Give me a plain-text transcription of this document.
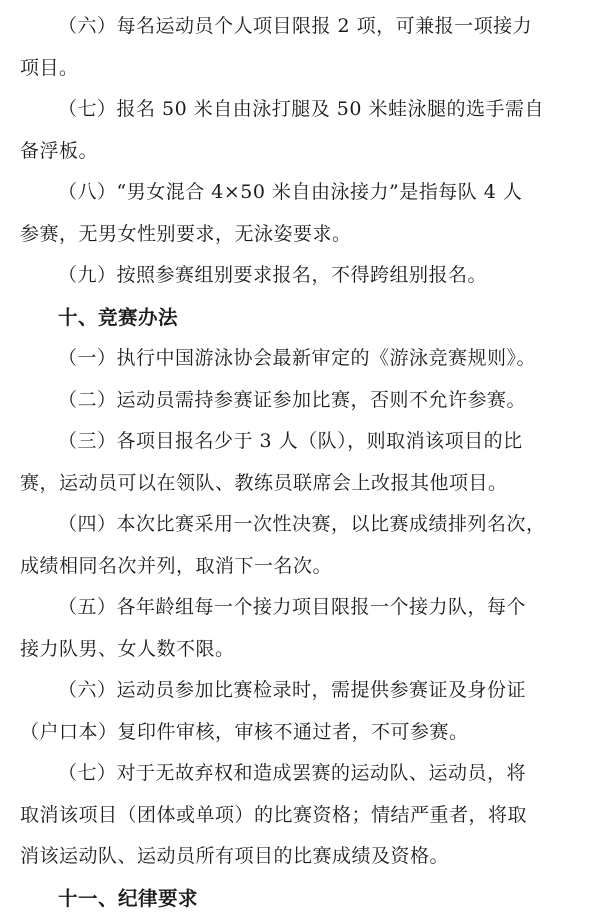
（六）每名运动员个人项目限报 2 项，可兼报一项接力
项目。
（七）报名 50 米自由泳打腿及 50 米蛙泳腿的选手需自
备浮板。
（八）“男女混合 4×50 米自由泳接力”是指每队 4 人
参赛，无男女性别要求，无泳姿要求。
（九）按照参赛组别要求报名，不得跨组别报名。
十、竞赛办法
（一）执行中国游泳协会最新审定的《游泳竞赛规则》。
（二）运动员需持参赛证参加比赛，否则不允许参赛。
（三）各项目报名少于 3 人（队），则取消该项目的比
赛，运动员可以在领队、教练员联席会上改报其他项目。
（四）本次比赛采用一次性决赛，以比赛成绩排列名次，
成绩相同名次并列，取消下一名次。
（五）各年龄组每一个接力项目限报一个接力队，每个
接力队男、女人数不限。
（六）运动员参加比赛检录时，需提供参赛证及身份证
（户口本）复印件审核，审核不通过者，不可参赛。
（七）对于无故弃权和造成罢赛的运动队、运动员，将
取消该项目（团体或单项）的比赛资格；情结严重者，将取
消该运动队、运动员所有项目的比赛成绩及资格。
十一、纪律要求
